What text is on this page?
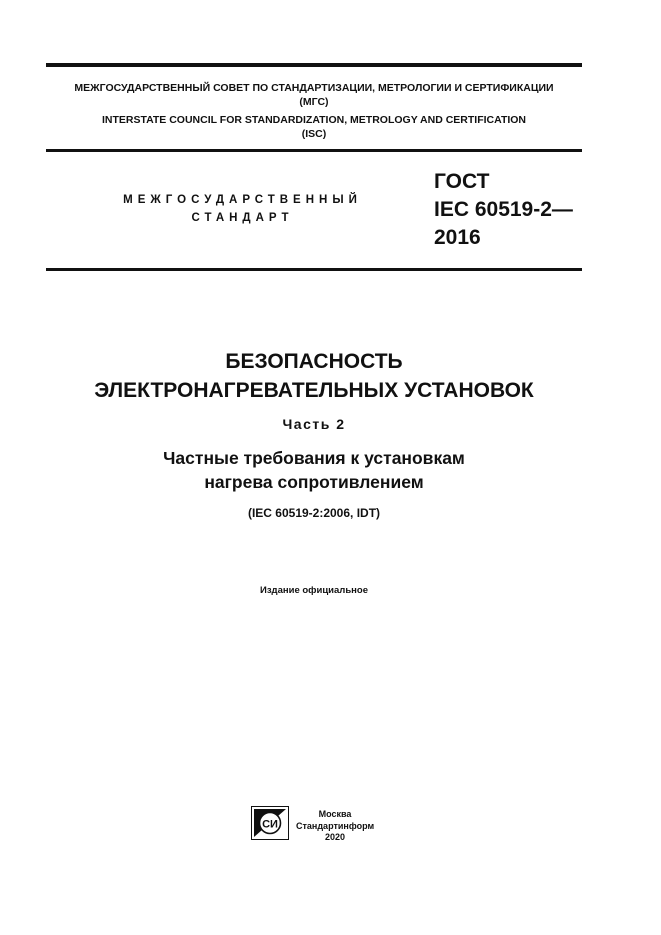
МЕЖГОСУДАРСТВЕННЫЙ СОВЕТ ПО СТАНДАРТИЗАЦИИ, МЕТРОЛОГИИ И СЕРТИФИКАЦИИ
(МГС)
INTERSTATE COUNCIL FOR STANDARDIZATION, METROLOGY AND CERTIFICATION
(ISC)
МЕЖГОСУДАРСТВЕННЫЙ
СТАНДАРТ
ГОСТ
IEC 60519-2—
2016
БЕЗОПАСНОСТЬ
ЭЛЕКТРОНАГРЕВАТЕЛЬНЫХ УСТАНОВОК
Часть 2
Частные требования к установкам
нагрева сопротивлением
(IEC 60519-2:2006, IDT)
Издание официальное
СИ
Москва
Стандартинформ
2020
